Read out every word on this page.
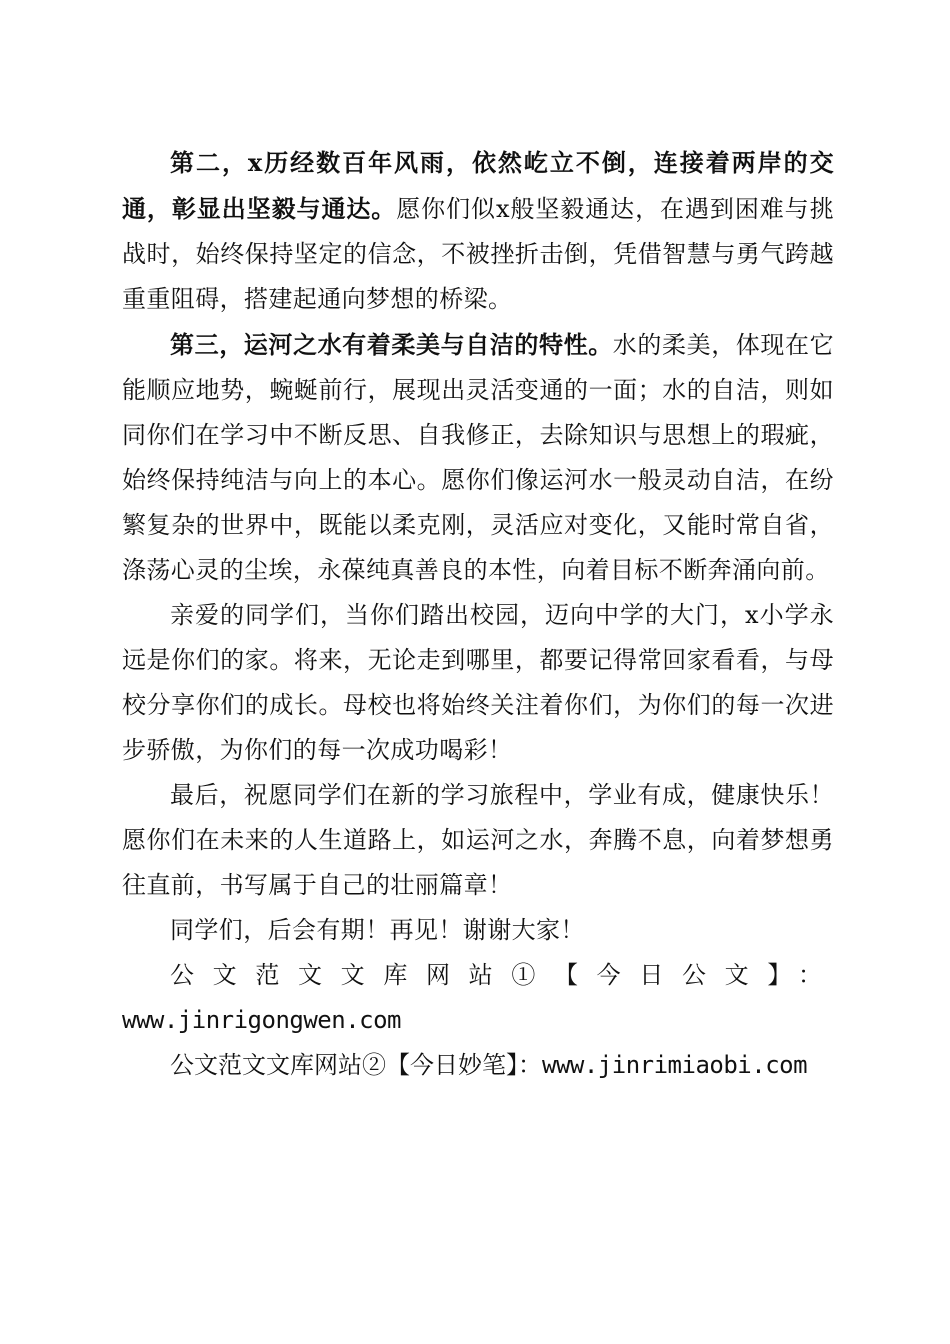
第二，x历经数百年风雨，依然屹立不倒，连接着两岸的交通，彰显出坚毅与通达。愿你们似x般坚毅通达，在遇到困难与挑战时，始终保持坚定的信念，不被挫折击倒，凭借智慧与勇气跨越重重阻碍，搭建起通向梦想的桥梁。

第三，运河之水有着柔美与自洁的特性。水的柔美，体现在它能顺应地势，蜿蜒前行，展现出灵活变通的一面；水的自洁，则如同你们在学习中不断反思、自我修正，去除知识与思想上的瑕疵，始终保持纯洁与向上的本心。愿你们像运河水一般灵动自洁，在纷繁复杂的世界中，既能以柔克刚，灵活应对变化，又能时常自省，涤荡心灵的尘埃，永葆纯真善良的本性，向着目标不断奔涌向前。

亲爱的同学们，当你们踏出校园，迈向中学的大门，x小学永远是你们的家。将来，无论走到哪里，都要记得常回家看看，与母校分享你们的成长。母校也将始终关注着你们，为你们的每一次进步骄傲，为你们的每一次成功喝彩！

最后，祝愿同学们在新的学习旅程中，学业有成，健康快乐！愿你们在未来的人生道路上，如运河之水，奔腾不息，向着梦想勇往直前，书写属于自己的壮丽篇章！

同学们，后会有期！再见！谢谢大家！

公文范文文库网站①【今日公文】：

www.jinrigongwen.com

公文范文文库网站②【今日妙笔】：www.jinrimiaobi.com
